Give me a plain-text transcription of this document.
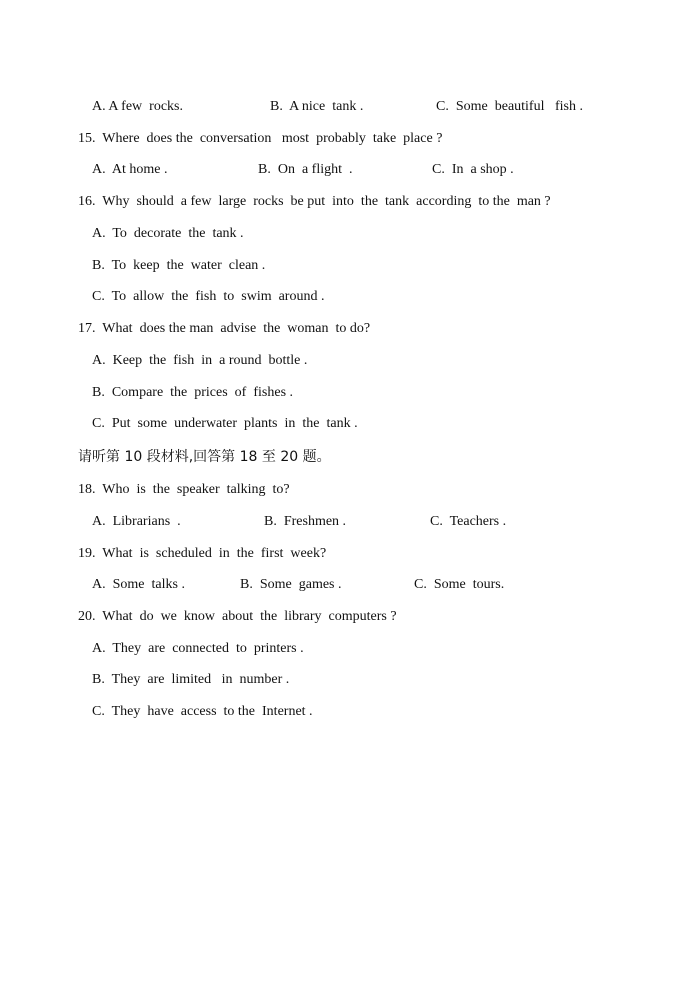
A. A few  rocks.	B.  A nice  tank .	C.  Some  beautiful   fish .
15.  Where  does the  conversation   most  probably  take  place ?
A.  At home .	B.  On  a flight  .	C.  In  a shop .
16.  Why  should  a few  large  rocks  be put  into  the  tank  according  to the  man ?
A.  To  decorate  the  tank .
B.  To  keep  the  water  clean .
C.  To  allow  the  fish  to  swim  around .
17.  What  does the man  advise  the  woman  to do?
A.  Keep  the  fish  in  a round  bottle .
B.  Compare  the  prices  of  fishes .
C.  Put  some  underwater  plants  in  the  tank .
请听第 10 段材料,回答第 18 至 20 题。
18.  Who  is  the  speaker  talking  to?
A.  Librarians  .	B.  Freshmen .	C.  Teachers .
19.  What  is  scheduled  in  the  first  week?
A.  Some  talks .	B.  Some  games .	C.  Some  tours.
20.  What  do  we  know  about  the  library  computers ?
A.  They  are  connected  to  printers .
B.  They  are  limited   in  number .
C.  They  have  access  to the  Internet .
